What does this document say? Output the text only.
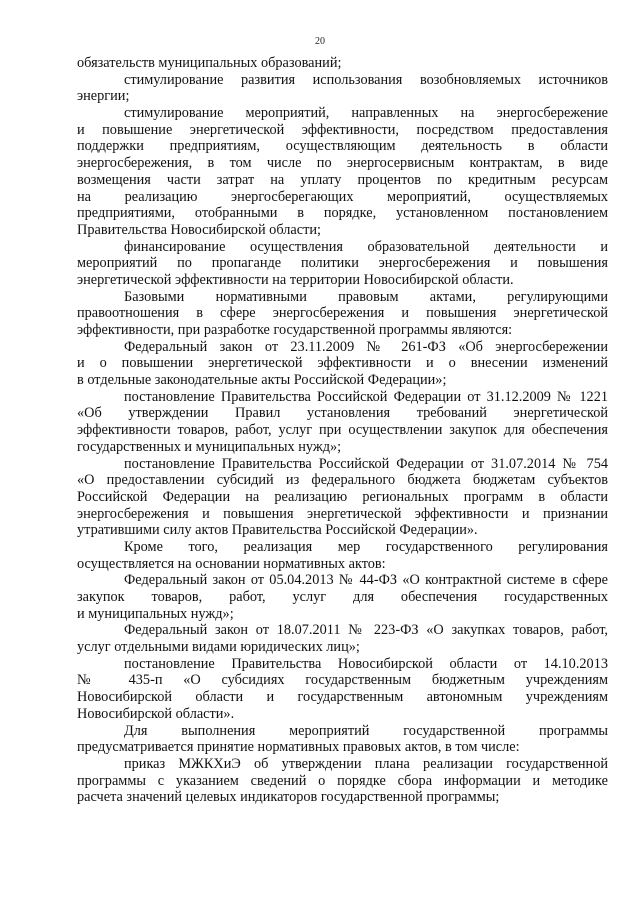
20
обязательств муниципальных образований;
стимулирование развития использования возобновляемых источников
энергии;
стимулирование мероприятий, направленных на энергосбережение
и повышение энергетической эффективности, посредством предоставления
поддержки предприятиям, осуществляющим деятельность в области
энергосбережения, в том числе по энергосервисным контрактам, в виде
возмещения части затрат на уплату процентов по кредитным ресурсам
на реализацию энергосберегающих мероприятий, осуществляемых
предприятиями, отобранными в порядке, установленном постановлением
Правительства Новосибирской области;
финансирование осуществления образовательной деятельности и
мероприятий по пропаганде политики энергосбережения и повышения
энергетической эффективности на территории Новосибирской области.
Базовыми нормативными правовым актами, регулирующими
правоотношения в сфере энергосбережения и повышения энергетической
эффективности, при разработке государственной программы являются:
Федеральный закон от 23.11.2009 № 261-ФЗ «Об энергосбережении
и о повышении энергетической эффективности и о внесении изменений
в отдельные законодательные акты Российской Федерации»;
постановление Правительства Российской Федерации от 31.12.2009 № 1221
«Об утверждении Правил установления требований энергетической
эффективности товаров, работ, услуг при осуществлении закупок для обеспечения
государственных и муниципальных нужд»;
постановление Правительства Российской Федерации от 31.07.2014 № 754
«О предоставлении субсидий из федерального бюджета бюджетам субъектов
Российской Федерации на реализацию региональных программ в области
энергосбережения и повышения энергетической эффективности и признании
утратившими силу актов Правительства Российской Федерации».
Кроме того, реализация мер государственного регулирования
осуществляется на основании нормативных актов:
Федеральный закон от 05.04.2013 № 44-ФЗ «О контрактной системе в сфере
закупок товаров, работ, услуг для обеспечения государственных
и муниципальных нужд»;
Федеральный закон от 18.07.2011 № 223-ФЗ «О закупках товаров, работ,
услуг отдельными видами юридических лиц»;
постановление Правительства Новосибирской области от 14.10.2013
№ 435-п «О субсидиях государственным бюджетным учреждениям
Новосибирской области и государственным автономным учреждениям
Новосибирской области».
Для выполнения мероприятий государственной программы
предусматривается принятие нормативных правовых актов, в том числе:
приказ МЖКХиЭ об утверждении плана реализации государственной
программы с указанием сведений о порядке сбора информации и методике
расчета значений целевых индикаторов государственной программы;
